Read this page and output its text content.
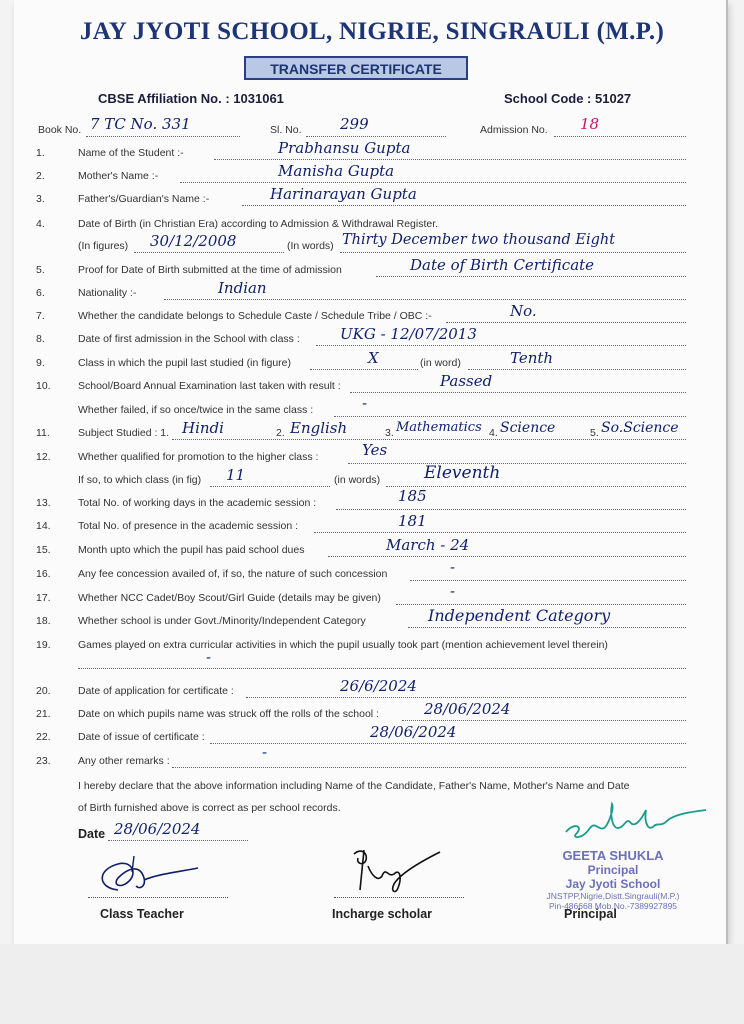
JAY JYOTI SCHOOL, NIGRIE, SINGRAULI (M.P.)
TRANSFER CERTIFICATE
CBSE Affiliation No. : 1031061	School Code : 51027
Book No. 7 TC No. 331	Sl. No.	299	Admission No. 18
1.	Name of the Student :-	Prabhansu Gupta
2.	Mother's Name :-	Manisha Gupta
3.	Father's/Guardian's Name :-	Harinarayan Gupta
4.	Date of Birth (in Christian Era) according to Admission & Withdrawal Register.
(In figures) 30/12/2008	(In words) Thirty December two thousand Eight
5.	Proof for Date of Birth submitted at the time of admission	Date of Birth Certificate
6.	Nationality :-	Indian
7.	Whether the candidate belongs to Schedule Caste / Schedule Tribe / OBC :-	No.
8.	Date of first admission in the School with class :	UKG - 12/07/2013
9.	Class in which the pupil last studied (in figure)	X	(in word)	Tenth
10.	School/Board Annual Examination last taken with result :	Passed
Whether failed, if so once/twice in the same class :	-
11.	Subject Studied : 1. Hindi	2. English	3. Mathematics 4. Science	5. So.Science
12.	Whether qualified for promotion to the higher class :	Yes
If so, to which class (in fig) 11	(in words)	Eleventh
13.	Total No. of working days in the academic session :	185
14.	Total No. of presence in the academic session :	181
15.	Month upto which the pupil has paid school dues	March - 24
16.	Any fee concession availed of, if so, the nature of such concession	-
17.	Whether NCC Cadet/Boy Scout/Girl Guide (details may be given)	-
18.	Whether school is under Govt./Minority/Independent Category	Independent Category
19.	Games played on extra curricular activities in which the pupil usually took part (mention achievement level therein)
-
20.	Date of application for certificate :	26/6/2024
21.	Date on which pupils name was struck off the rolls of the school :	28/06/2024
22.	Date of issue of certificate :	28/06/2024
23.	Any other remarks :	-
I hereby declare that the above information including Name of the Candidate, Father's Name, Mother's Name and Date
of Birth furnished above is correct as per school records.
Date 28/06/2024
GEETA SHUKLA
Principal
Jay Jyoti School
JNSTPP,Nigrie,Distt.Singrauli(M.P.)
Pin-486668 Mob.No.-7389927895
Class Teacher	Incharge scholar	Principal
